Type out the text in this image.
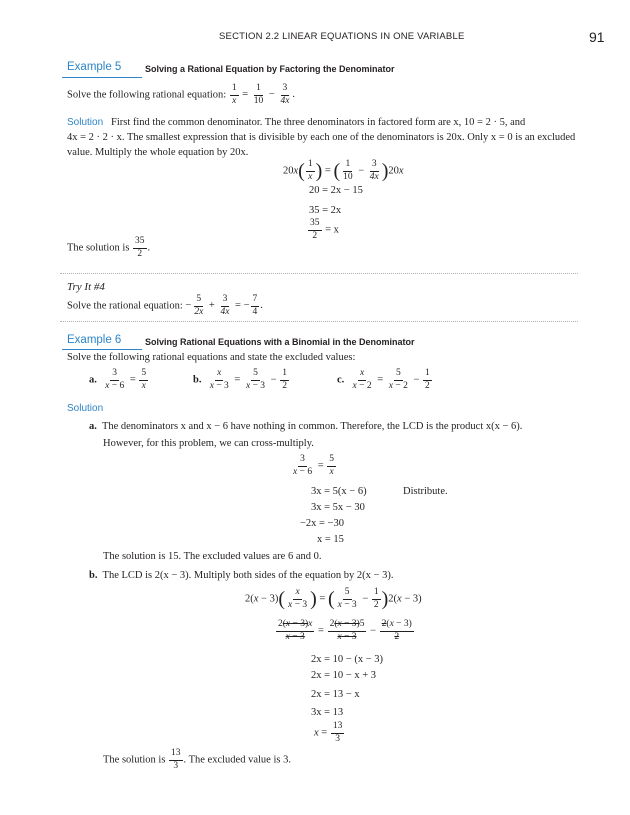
SECTION 2.2 LINEAR EQUATIONS IN ONE VARIABLE	91
Example 5	Solving a Rational Equation by Factoring the Denominator
Solve the following rational equation: $\frac{1}{x} = \frac{1}{10} - \frac{3}{4x}$ .
Solution First find the common denominator. The three denominators in factored form are x, 10 = 2 · 5, and
4x = 2 · 2 · x. The smallest expression that is divisible by each one of the denominators is 20x. Only x = 0 is an excluded
value. Multiply the whole equation by 20x.
$20x( \frac{1}{x}$ ) = ( $\frac{1}{10} - \frac{3}{4x} )20x$
20 = 2x − 15
35 = 2x
$\frac{35}{2} = x$
The solution is $\frac{35}{2}$ .
Try It #4
Solve the rational equation: − $\frac{5}{2x} + \frac{3}{4x}$ = − $\frac{7}{4}$ .
Example 6	Solving Rational Equations with a Binomial in the Denominator
Solve the following rational equations and state the excluded values:
a. $\frac{3}{x - 6} = \frac{5}{x}$	b. $\frac{x}{x - 3} = \frac{5}{x - 3} - \frac{1}{2}$	c. $\frac{x}{x - 2} = \frac{5}{x - 2} - \frac{1}{2}$
Solution
a. The denominators x and x − 6 have nothing in common. Therefore, the LCD is the product x(x − 6).
However, for this problem, we can cross-multiply.
$\frac{3}{x - 6} = \frac{5}{x}$
3x = 5(x − 6)	Distribute.
3x = 5x − 30
−2x = −30
x = 15
The solution is 15. The excluded values are 6 and 0.
b. The LCD is 2(x − 3). Multiply both sides of the equation by 2(x − 3).
$2(x - 3)( \frac{x}{x - 3}$ ) = ( $\frac{5}{x - 3} - \frac{1}{2} )2(x - 3)$
$\frac{2(x - 3)x}{x - 3} = \frac{2(x - 3)5}{x - 3} - \frac{2(x - 3)}{2}$
2x = 10 − (x − 3)
2x = 10 − x + 3
2x = 13 − x
3x = 13
$x = \frac{13}{3}$
The solution is $\frac{13}{3}$ . The excluded value is 3.
